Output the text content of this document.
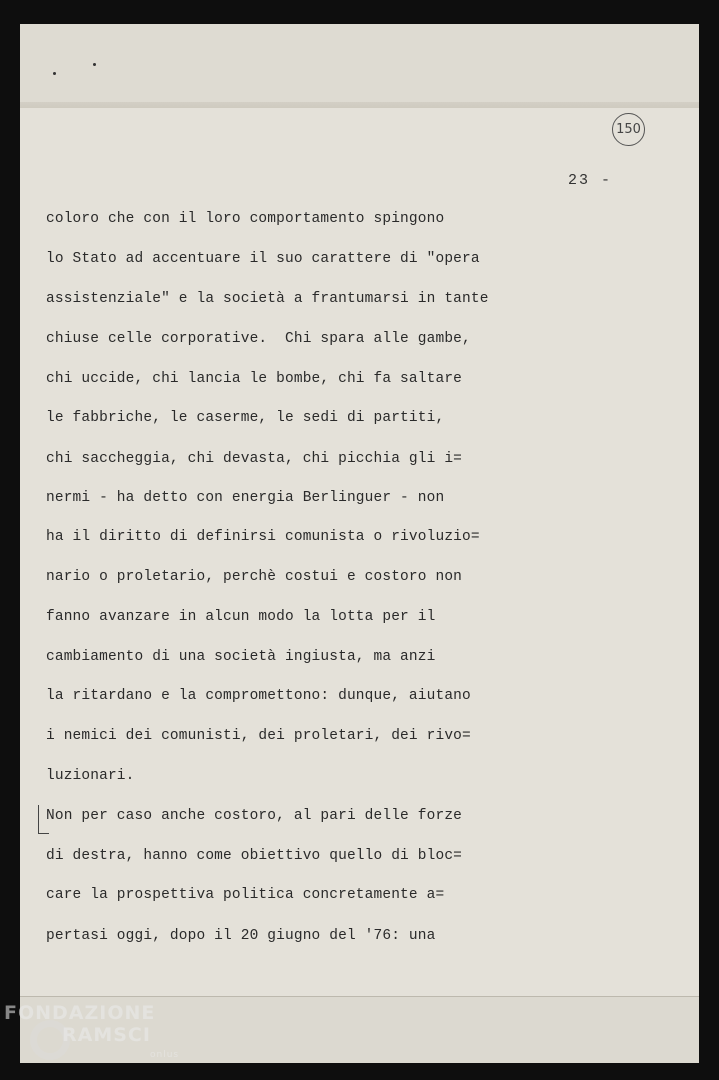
150
23 -
coloro che con il loro comportamento spingono
lo Stato ad accentuare il suo carattere di "opera
assistenziale" e la società a frantumarsi in tante
chiuse celle corporative.  Chi spara alle gambe,
chi uccide, chi lancia le bombe, chi fa saltare
le fabbriche, le caserme, le sedi di partiti,
chi saccheggia, chi devasta, chi picchia gli i=
nermi - ha detto con energia Berlinguer - non
ha il diritto di definirsi comunista o rivoluzio=
nario o proletario, perchè costui e costoro non
fanno avanzare in alcun modo la lotta per il
cambiamento di una società ingiusta, ma anzi
la ritardano e la compromettono: dunque, aiutano
i nemici dei comunisti, dei proletari, dei rivo=
luzionari.
Non per caso anche costoro, al pari delle forze
di destra, hanno come obiettivo quello di bloc=
care la prospettiva politica concretamente a=
pertasi oggi, dopo il 20 giugno del '76: una
FONDAZIONE
RAMSCI
onlus
